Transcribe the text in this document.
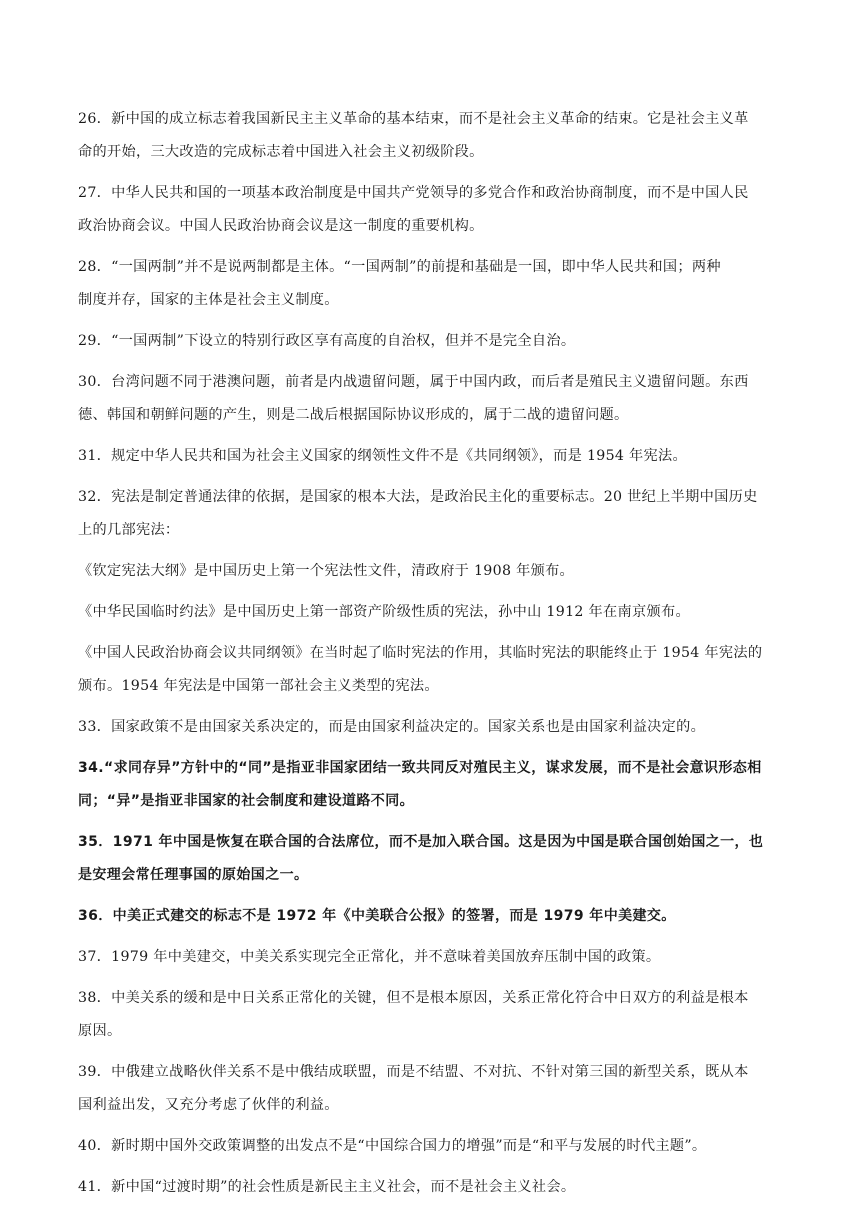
26．新中国的成立标志着我国新民主主义革命的基本结束，而不是社会主义革命的结束。它是社会主义革
命的开始，三大改造的完成标志着中国进入社会主义初级阶段。

27．中华人民共和国的一项基本政治制度是中国共产党领导的多党合作和政治协商制度，而不是中国人民
政治协商会议。中国人民政治协商会议是这一制度的重要机构。

28．“一国两制”并不是说两制都是主体。“一国两制”的前提和基础是一国，即中华人民共和国；两种
制度并存，国家的主体是社会主义制度。

29．“一国两制”下设立的特别行政区享有高度的自治权，但并不是完全自治。

30．台湾问题不同于港澳问题，前者是内战遗留问题，属于中国内政，而后者是殖民主义遗留问题。东西
德、韩国和朝鲜问题的产生，则是二战后根据国际协议形成的，属于二战的遗留问题。

31．规定中华人民共和国为社会主义国家的纲领性文件不是《共同纲领》，而是 1954 年宪法。

32．宪法是制定普通法律的依据，是国家的根本大法，是政治民主化的重要标志。20 世纪上半期中国历史
上的几部宪法：

《钦定宪法大纲》是中国历史上第一个宪法性文件，清政府于 1908 年颁布。

《中华民国临时约法》是中国历史上第一部资产阶级性质的宪法，孙中山 1912 年在南京颁布。

《中国人民政治协商会议共同纲领》在当时起了临时宪法的作用，其临时宪法的职能终止于 1954 年宪法的
颁布。1954 年宪法是中国第一部社会主义类型的宪法。

33．国家政策不是由国家关系决定的，而是由国家利益决定的。国家关系也是由国家利益决定的。

34.“求同存异”方针中的“同”是指亚非国家团结一致共同反对殖民主义，谋求发展，而不是社会意识形态相
同；“异”是指亚非国家的社会制度和建设道路不同。

35．1971 年中国是恢复在联合国的合法席位，而不是加入联合国。这是因为中国是联合国创始国之一，也
是安理会常任理事国的原始国之一。

36．中美正式建交的标志不是 1972 年《中美联合公报》的签署，而是 1979 年中美建交。

37．1979 年中美建交，中美关系实现完全正常化，并不意味着美国放弃压制中国的政策。

38．中美关系的缓和是中日关系正常化的关键，但不是根本原因，关系正常化符合中日双方的利益是根本
原因。

39．中俄建立战略伙伴关系不是中俄结成联盟，而是不结盟、不对抗、不针对第三国的新型关系，既从本
国利益出发，又充分考虑了伙伴的利益。

40．新时期中国外交政策调整的出发点不是“中国综合国力的增强”而是“和平与发展的时代主题”。

41．新中国“过渡时期”的社会性质是新民主主义社会，而不是社会主义社会。
